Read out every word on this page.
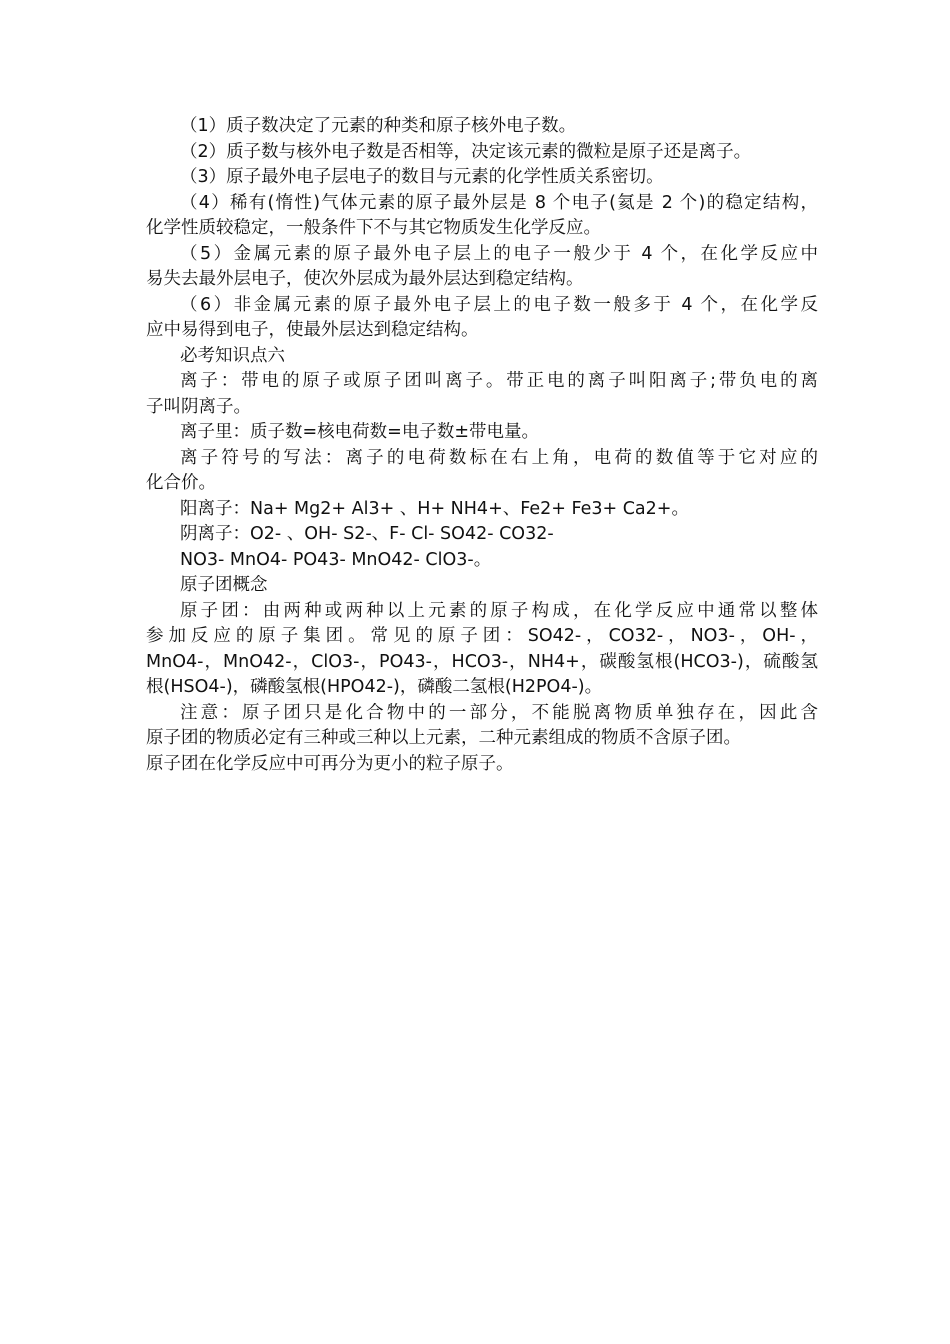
（1）质子数决定了元素的种类和原子核外电子数。
（2）质子数与核外电子数是否相等，决定该元素的微粒是原子还是离子。
（3）原子最外电子层电子的数目与元素的化学性质关系密切。
（4）稀有(惰性)气体元素的原子最外层是 8 个电子(氦是 2 个)的稳定结构，
化学性质较稳定，一般条件下不与其它物质发生化学反应。
（5）金属元素的原子最外电子层上的电子一般少于 4 个，在化学反应中
易失去最外层电子，使次外层成为最外层达到稳定结构。
（6）非金属元素的原子最外电子层上的电子数一般多于 4 个，在化学反
应中易得到电子，使最外层达到稳定结构。
必考知识点六
离子：带电的原子或原子团叫离子。带正电的离子叫阳离子;带负电的离
子叫阴离子。
离子里：质子数=核电荷数=电子数±带电量。
离子符号的写法：离子的电荷数标在右上角，电荷的数值等于它对应的
化合价。
阳离子：Na+ Mg2+ Al3+ 、H+ NH4+、Fe2+ Fe3+ Ca2+。
阴离子：O2- 、OH- S2-、F- Cl- SO42- CO32-
NO3- MnO4- PO43- MnO42- ClO3-。
原子团概念
原子团：由两种或两种以上元素的原子构成，在化学反应中通常以整体
参加反应的原子集团。常见的原子团：SO42-，CO32-，NO3-，OH-，
MnO4-，MnO42-，ClO3-，PO43-，HCO3-，NH4+，碳酸氢根(HCO3-)，硫酸氢
根(HSO4-)，磷酸氢根(HPO42-)，磷酸二氢根(H2PO4-)。
注意：原子团只是化合物中的一部分，不能脱离物质单独存在，因此含
原子团的物质必定有三种或三种以上元素，二种元素组成的物质不含原子团。
原子团在化学反应中可再分为更小的粒子原子。
